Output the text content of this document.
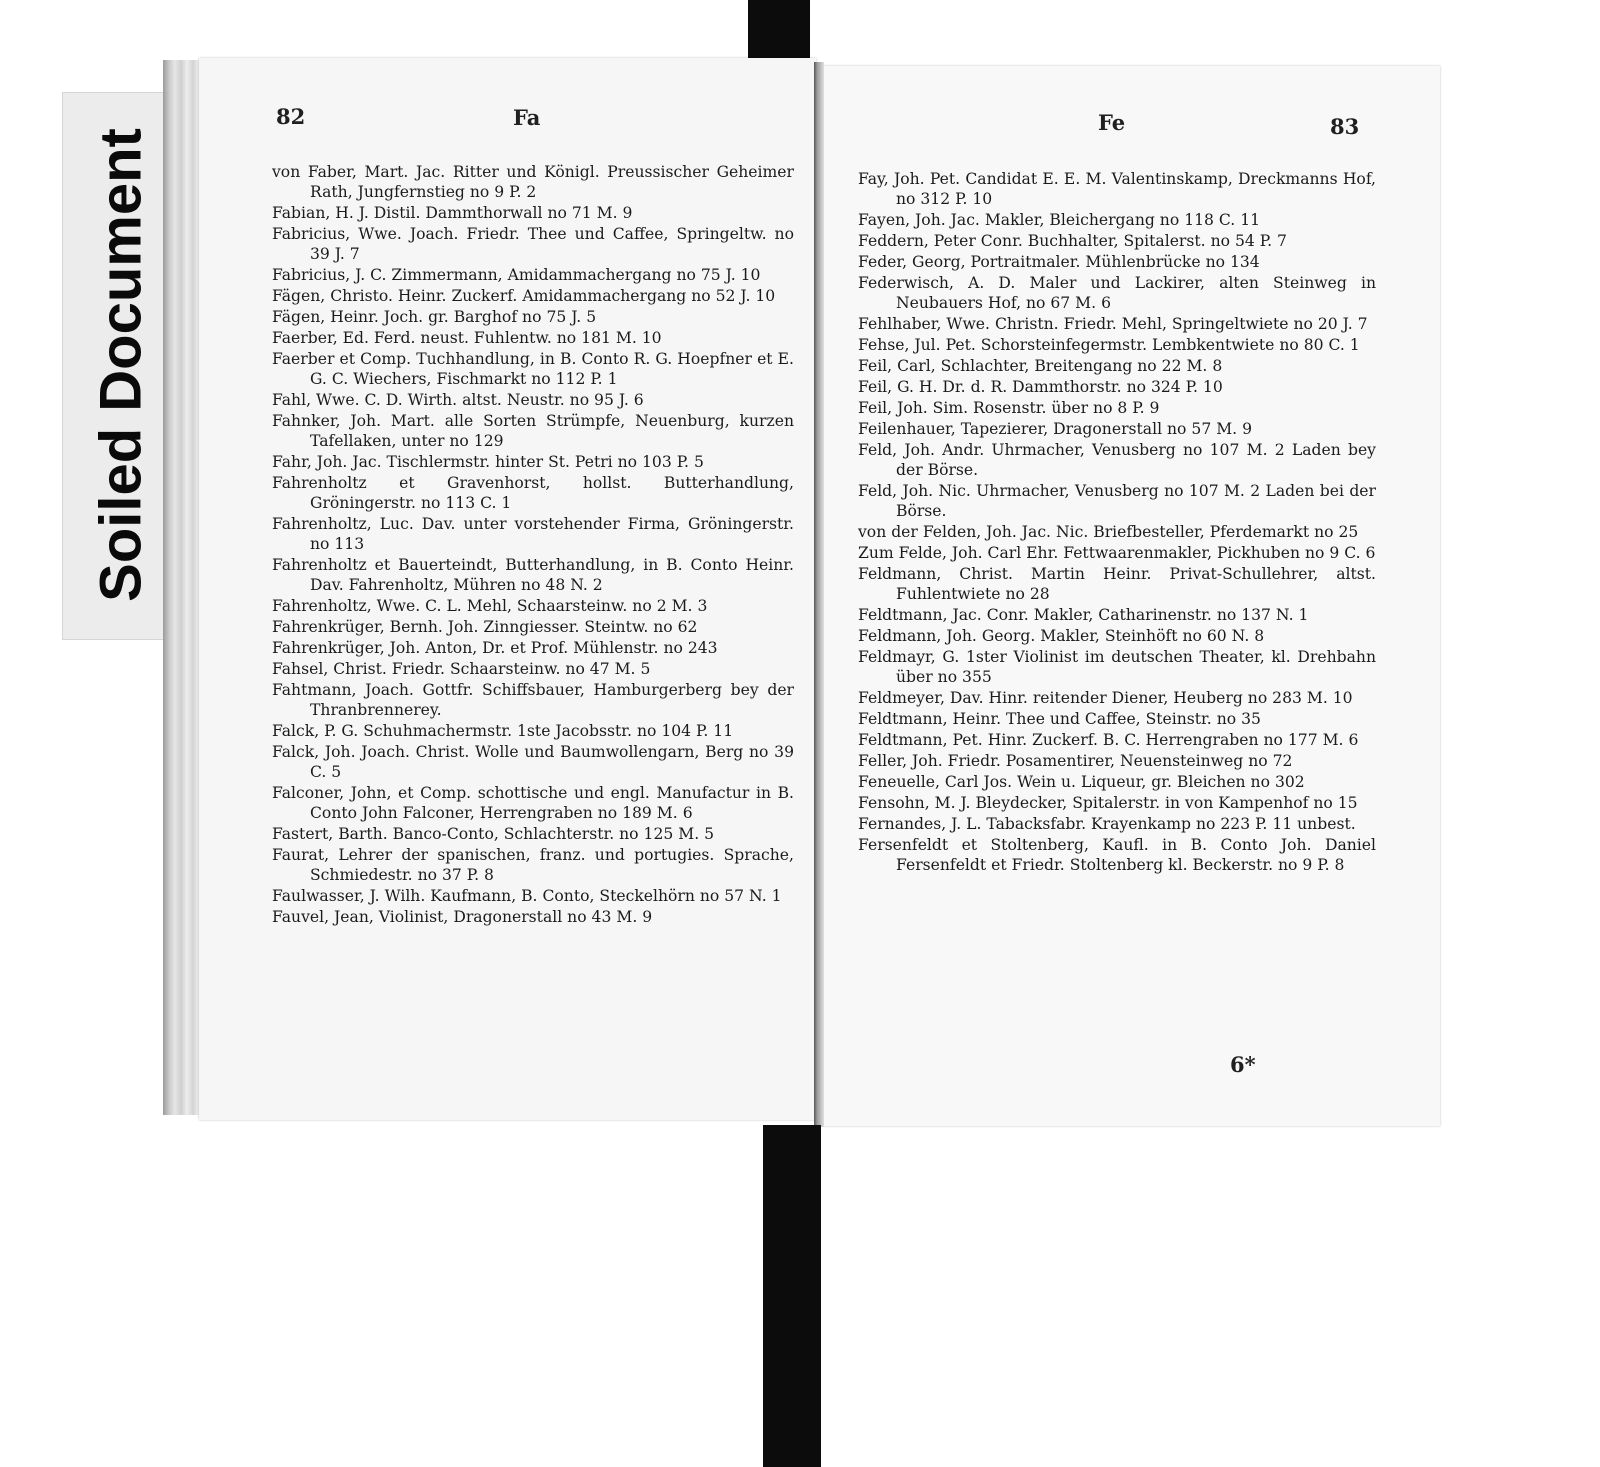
Soiled Document
82	Fa	Fe	83
von Faber, Mart. Jac. Ritter und Königl. Preussischer Geheimer Rath, Jungfernstieg no 9 P. 2
Fabian, H. J. Distil. Dammthorwall no 71 M. 9
Fabricius, Wwe. Joach. Friedr. Thee und Caffee, Springeltw. no 39 J. 7
Fabricius, J. C. Zimmermann, Amidammachergang no 75 J. 10
Fägen, Christo. Heinr. Zuckerf. Amidammachergang no 52 J. 10
Fägen, Heinr. Joch. gr. Barghof no 75 J. 5
Faerber, Ed. Ferd. neust. Fuhlentw. no 181 M. 10
Faerber et Comp. Tuchhandlung, in B. Conto R. G. Hoepfner et E. G. C. Wiechers, Fischmarkt no 112 P. 1
Fahl, Wwe. C. D. Wirth. altst. Neustr. no 95 J. 6
Fahnker, Joh. Mart. alle Sorten Strümpfe, Neuenburg, kurzen Tafellaken, unter no 129
Fahr, Joh. Jac. Tischlermstr. hinter St. Petri no 103 P. 5
Fahrenholtz et Gravenhorst, hollst. Butterhandlung, Gröningerstr. no 113 C. 1
Fahrenholtz, Luc. Dav. unter vorstehender Firma, Gröningerstr. no 113
Fahrenholtz et Bauerteindt, Butterhandlung, in B. Conto Heinr. Dav. Fahrenholtz, Mühren no 48 N. 2
Fahrenholtz, Wwe. C. L. Mehl, Schaarsteinw. no 2 M. 3
Fahrenkrüger, Bernh. Joh. Zinngiesser. Steintw. no 62
Fahrenkrüger, Joh. Anton, Dr. et Prof. Mühlenstr. no 243
Fahsel, Christ. Friedr. Schaarsteinw. no 47 M. 5
Fahtmann, Joach. Gottfr. Schiffsbauer, Hamburgerberg bey der Thranbrennerey.
Falck, P. G. Schuhmachermstr. 1ste Jacobsstr. no 104 P. 11
Falck, Joh. Joach. Christ. Wolle und Baumwollengarn, Berg no 39 C. 5
Falconer, John, et Comp. schottische und engl. Manufactur in B. Conto John Falconer, Herrengraben no 189 M. 6
Fastert, Barth. Banco-Conto, Schlachterstr. no 125 M. 5
Faurat, Lehrer der spanischen, franz. und portugies. Sprache, Schmiedestr. no 37 P. 8
Faulwasser, J. Wilh. Kaufmann, B. Conto, Steckelhörn no 57 N. 1
Fauvel, Jean, Violinist, Dragonerstall no 43 M. 9
Fay, Joh. Pet. Candidat E. E. M. Valentinskamp, Dreckmanns Hof, no 312 P. 10
Fayen, Joh. Jac. Makler, Bleichergang no 118 C. 11
Feddern, Peter Conr. Buchhalter, Spitalerst. no 54 P. 7
Feder, Georg, Portraitmaler. Mühlenbrücke no 134
Federwisch, A. D. Maler und Lackirer, alten Steinweg in Neubauers Hof, no 67 M. 6
Fehlhaber, Wwe. Christn. Friedr. Mehl, Springeltwiete no 20 J. 7
Fehse, Jul. Pet. Schorsteinfegermstr. Lembkentwiete no 80 C. 1
Feil, Carl, Schlachter, Breitengang no 22 M. 8
Feil, G. H. Dr. d. R. Dammthorstr. no 324 P. 10
Feil, Joh. Sim. Rosenstr. über no 8 P. 9
Feilenhauer, Tapezierer, Dragonerstall no 57 M. 9
Feld, Joh. Andr. Uhrmacher, Venusberg no 107 M. 2 Laden bey der Börse.
Feld, Joh. Nic. Uhrmacher, Venusberg no 107 M. 2 Laden bei der Börse.
von der Felden, Joh. Jac. Nic. Briefbesteller, Pferdemarkt no 25
Zum Felde, Joh. Carl Ehr. Fettwaarenmakler, Pickhuben no 9 C. 6
Feldmann, Christ. Martin Heinr. Privat-Schullehrer, altst. Fuhlentwiete no 28
Feldtmann, Jac. Conr. Makler, Catharinenstr. no 137 N. 1
Feldmann, Joh. Georg. Makler, Steinhöft no 60 N. 8
Feldmayr, G. 1ster Violinist im deutschen Theater, kl. Drehbahn über no 355
Feldmeyer, Dav. Hinr. reitender Diener, Heuberg no 283 M. 10
Feldtmann, Heinr. Thee und Caffee, Steinstr. no 35
Feldtmann, Pet. Hinr. Zuckerf. B. C. Herrengraben no 177 M. 6
Feller, Joh. Friedr. Posamentirer, Neuensteinweg no 72
Feneuelle, Carl Jos. Wein u. Liqueur, gr. Bleichen no 302
Fensohn, M. J. Bleydecker, Spitalerstr. in von Kampenhof no 15
Fernandes, J. L. Tabacksfabr. Krayenkamp no 223 P. 11 unbest.
Fersenfeldt et Stoltenberg, Kaufl. in B. Conto Joh. Daniel Fersenfeldt et Friedr. Stoltenberg kl. Beckerstr. no 9 P. 8
6*
